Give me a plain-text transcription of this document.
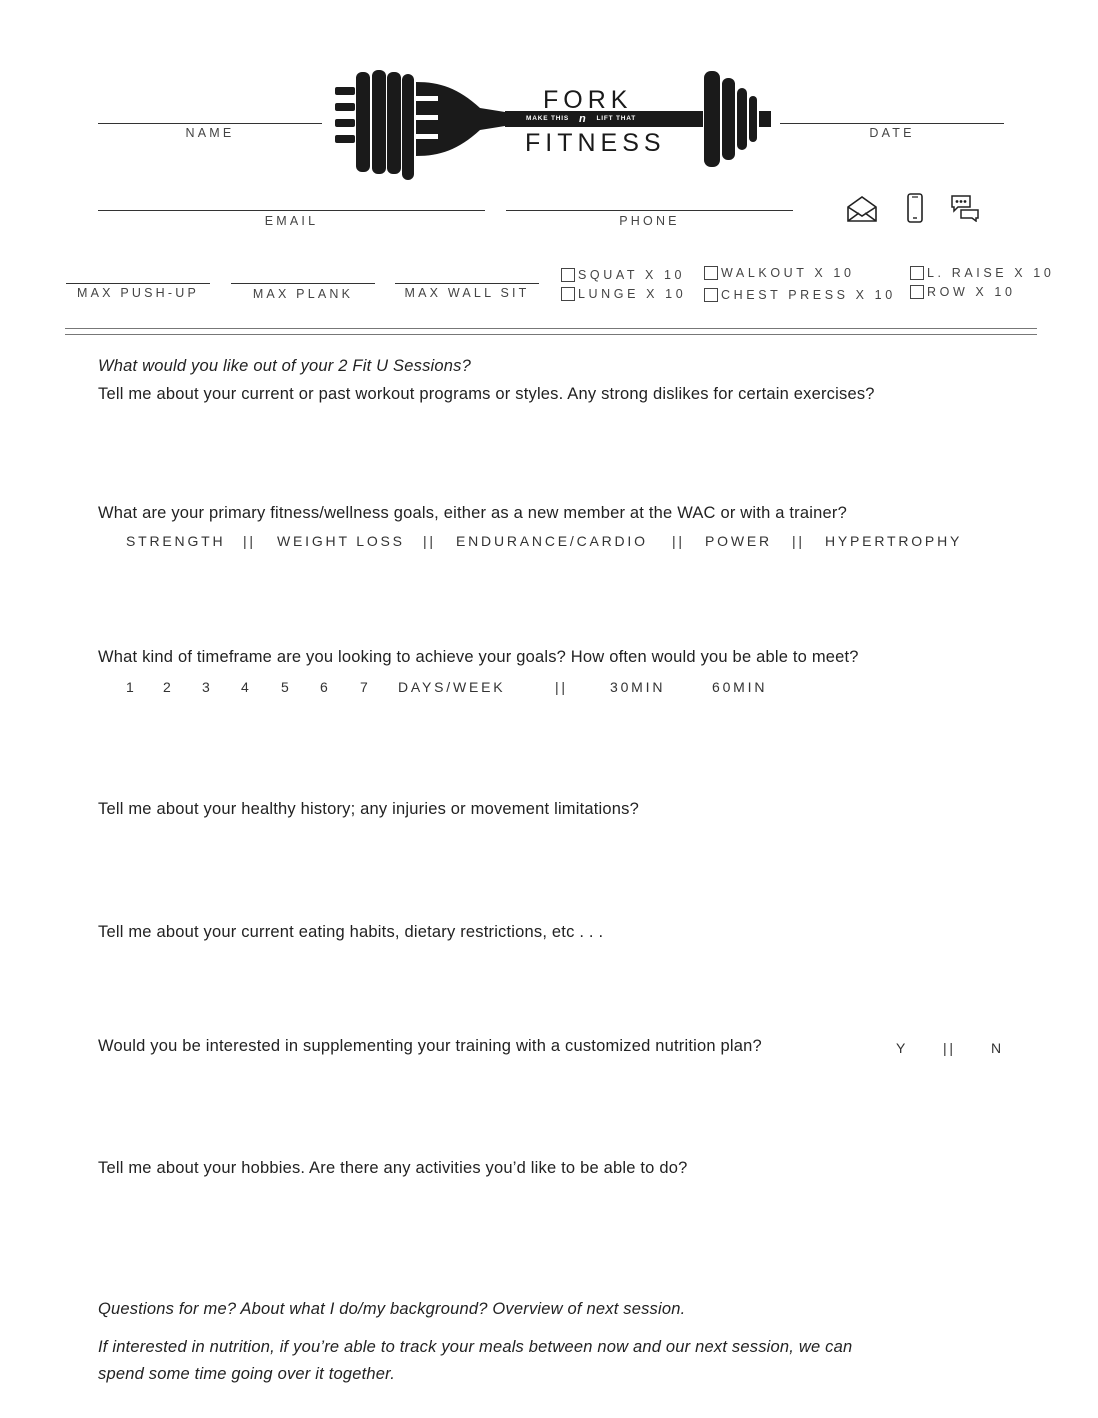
NAME	DATE
FORK
FITNESS
MAKE THIS n LIFT THAT
EMAIL	PHONE
MAX PUSH-UP	MAX PLANK	MAX WALL SIT
SQUAT X 10
LUNGE X 10
WALKOUT X 10
CHEST PRESS X 10
L. RAISE X 10
ROW X 10
What would you like out of your 2 Fit U Sessions?
Tell me about your current or past workout programs or styles. Any strong dislikes for certain exercises?
What are your primary fitness/wellness goals, either as a new member at the WAC or with a trainer?
STRENGTH || WEIGHT LOSS || ENDURANCE/CARDIO || POWER || HYPERTROPHY
What kind of timeframe are you looking to achieve your goals? How often would you be able to meet?
1 2 3 4 5 6 7 DAYS/WEEK	||	30MIN	60MIN
Tell me about your healthy history; any injuries or movement limitations?
Tell me about your current eating habits, dietary restrictions, etc . . .
Would you be interested in supplementing your training with a customized nutrition plan?	Y ||	N
Tell me about your hobbies. Are there any activities you’d like to be able to do?
Questions for me? About what I do/my background? Overview of next session.
If interested in nutrition, if you’re able to track your meals between now and our next session, we can
spend some time going over it together.
